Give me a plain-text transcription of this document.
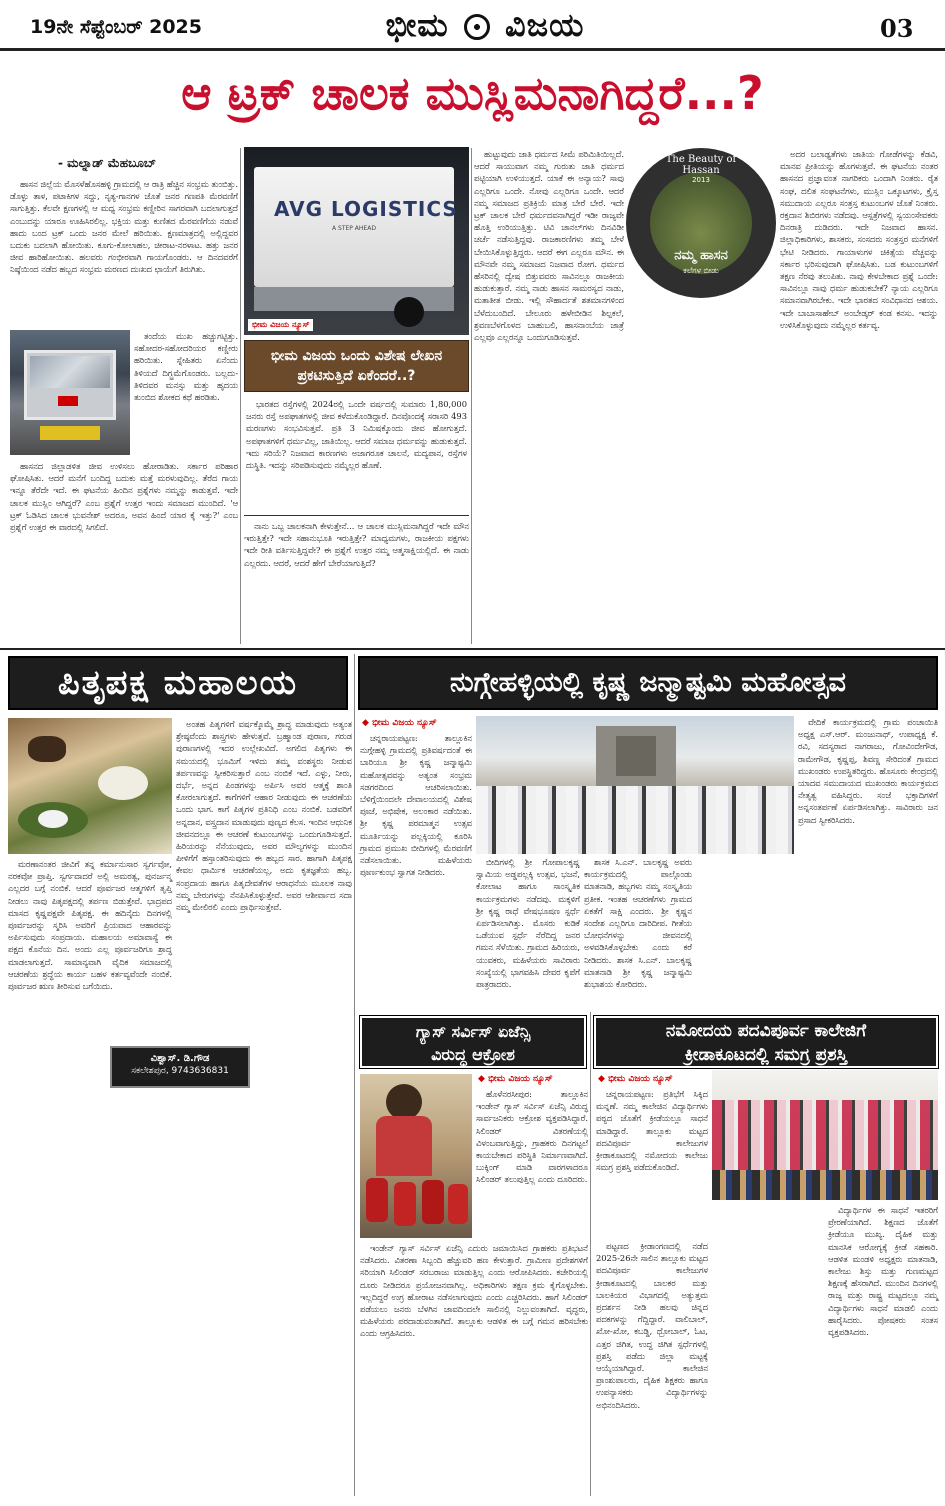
19ನೇ ಸೆಪ್ಟೆಂಬರ್ 2025	ಭೀಮ ವಿಜಯ	03
ಆ ಟ್ರಕ್ ಚಾಲಕ ಮುಸ್ಲಿಮನಾಗಿದ್ದರೆ...?
- ಮಲ್ನಾಡ್ ಮೆಹಬೂಬ್

ಹಾಸನ ಜಿಲ್ಲೆಯ ಮೊಸಳೆಹೊಸಹಳ್ಳಿ ಗ್ರಾಮದಲ್ಲಿ ಆ ರಾತ್ರಿ ಹೆಚ್ಚಿನ ಸಂಭ್ರಮ ತುಂಬಿತ್ತು. ಡೊಳ್ಳು ತಾಳ, ಪಟಾಕಿಗಳ ಸದ್ದು, ನೃತ್ಯ-ಗಾನಗಳ ಜೊತೆ ಜನರ ಗಣಪತಿ ಮೆರವಣಿಗೆ ಸಾಗುತ್ತಿತ್ತು. ಕೆಲವೇ ಕ್ಷಣಗಳಲ್ಲಿ ಆ ಮಧ್ಯ ಸಂಭ್ರಮ ಕಣ್ಣೀರಿನ ಸಾಗರವಾಗಿ ಬದಲಾಗುತ್ತದೆ ಎಂಬುದನ್ನು ಯಾರೂ ಊಹಿಸಿರಲಿಲ್ಲ. ಭಕ್ತಿಯ ಮತ್ತು ಕುಣಿತದ ಮೆರವಣಿಗೆಯ ನಡುವೆ ಹಾದು ಬಂದ ಟ್ರಕ್ ಒಂದು ಜನರ ಮೇಲೆ ಹರಿಯಿತು. ಕ್ಷಣಮಾತ್ರದಲ್ಲಿ ಅಲ್ಲಿದ್ದವರ ಬದುಕು ಬದಲಾಗಿ ಹೋಯಿತು. ಕೂಗು-ಕೋಲಾಹಲ, ಚೀರಾಟ-ನರಳಾಟ. ಹತ್ತು ಜನರ ಜೀವ ಹಾರಿಹೋಯಿತು. ಹಲವರು ಗಂಭೀರವಾಗಿ ಗಾಯಗೊಂಡರು. ಆ ದಿನದವರೆಗೆ ನಿಷ್ಠೆಯಿಂದ ನಡೆದ ಹಬ್ಬದ ಸಂಭ್ರಮ ಮರಣದ ದುಃಖದ ಛಾಯೆಗೆ ತಿರುಗಿತು.

ತಂದೆಯ ಮುಖ ಹಚ್ಚುಗಟ್ಟಿತ್ತು. ಸಹೋದರ-ಸಹೋದರಿಯರ ಕಣ್ಣೀರು ಹರಿಯಿತು. ಸ್ನೇಹಿತರು ಏನೆಂದು ತಿಳಿಯದೆ ದಿಗ್ಭ್ರಮೆಗೊಂಡರು. ಬಲ್ಲದು-ತಿಳಿದವರ ಮನಸ್ಸು ಮತ್ತು ಹೃದಯ ತುಂಬಿದ ಶೋಕದ ಕಥೆ ಹರಡಿತು.

ಹಾಸನದ ಜಿಲ್ಲಾಡಳಿತ ಜೀವ ಉಳಿಸಲು ಹೋರಾಡಿತು. ಸರ್ಕಾರ ಪರಿಹಾರ ಘೋಷಿಸಿತು. ಆದರೆ ಮನೆಗೆ ಬಂದಿದ್ದ ಬದುಕು ಮತ್ತೆ ಮರಳುವುದಿಲ್ಲ. ತೆರೆದ ಗಾಯ ಇನ್ನೂ ತೆರೆದೇ ಇದೆ. ಈ ಘಟನೆಯ ಹಿಂದಿನ ಪ್ರಶ್ನೆಗಳು ನಮ್ಮನ್ನು ಕಾಡುತ್ತವೆ. ಇದೇ ಚಾಲಕ ಮುಸ್ಲಿಂ ಆಗಿದ್ದರೆ? ಎಂಬ ಪ್ರಶ್ನೆಗೆ ಉತ್ತರ ಇಂದು ಸಮಾಜದ ಮುಂದಿದೆ. 'ಆ ಟ್ರಕ್ ಓಡಿಸಿದ ಚಾಲಕ ಭುವನೇಶ್ ಅದರೂ, ಅವನ ಹಿಂದೆ ಯಾರ ಕೈ ಇತ್ತು?' ಎಂಬ ಪ್ರಶ್ನೆಗೆ ಉತ್ತರ ಈ ವಾರದಲ್ಲಿ ಸಿಗಲಿದೆ.

AVG LOGISTICS
A STEP AHEAD
ಭೀಮ ವಿಜಯ ನ್ಯೂಸ್
ಭೀಮ ವಿಜಯ ಒಂದು ವಿಶೇಷ ಲೇಖನ ಪ್ರಕಟಿಸುತ್ತಿದೆ ಏಕೆಂದರೆ..?

ಭಾರತದ ರಸ್ತೆಗಳಲ್ಲಿ 2024ರಲ್ಲಿ ಒಂದೇ ವರ್ಷದಲ್ಲಿ ಸುಮಾರು 1,80,000 ಜನರು ರಸ್ತೆ ಅಪಘಾತಗಳಲ್ಲಿ ಜೀವ ಕಳೆದುಕೊಂಡಿದ್ದಾರೆ. ದಿನವೊಂದಕ್ಕೆ ಸರಾಸರಿ 493 ಮರಣಗಳು ಸಂಭವಿಸುತ್ತವೆ. ಪ್ರತಿ 3 ನಿಮಿಷಕ್ಕೊಂದು ಜೀವ ಹೋಗುತ್ತದೆ. ಅಪಘಾತಗಳಿಗೆ ಧರ್ಮವಿಲ್ಲ, ಜಾತಿಯಿಲ್ಲ. ಆದರೆ ಸಮಾಜ ಧರ್ಮವನ್ನು ಹುಡುಕುತ್ತದೆ. ಇದು ಸರಿಯೆ? ನಿಜವಾದ ಕಾರಣಗಳು ಅಜಾಗರೂಕ ಚಾಲನೆ, ಮದ್ಯಪಾನ, ರಸ್ತೆಗಳ ದುಸ್ಥಿತಿ. ಇದನ್ನು ಸರಿಪಡಿಸುವುದು ನಮ್ಮೆಲ್ಲರ ಹೊಣೆ.

ನಾನು ಒಬ್ಬ ಚಾಲಕನಾಗಿ ಕೇಳುತ್ತೇನೆ... ಆ ಚಾಲಕ ಮುಸ್ಲಿಮನಾಗಿದ್ದರೆ ಇದೇ ಮೌನ ಇರುತ್ತಿತ್ತೇ? ಇದೇ ಸಹಾನುಭೂತಿ ಇರುತ್ತಿತ್ತೇ? ಮಾಧ್ಯಮಗಳು, ರಾಜಕೀಯ ಪಕ್ಷಗಳು ಇದೇ ರೀತಿ ವರ್ತಿಸುತ್ತಿದ್ದವೇ? ಈ ಪ್ರಶ್ನೆಗೆ ಉತ್ತರ ನಮ್ಮ ಆತ್ಮಸಾಕ್ಷಿಯಲ್ಲಿದೆ. ಈ ನಾಡು ಎಲ್ಲರದು. ಆದರೆ, ಆದರೆ ಹೇಗೆ ಬೇರೆಯಾಗುತ್ತಿದೆ?

ಹುಟ್ಟುವುದು ಜಾತಿ ಧರ್ಮದ ಸೀಮೆ ಪರಿಮಿತಿಯಿಲ್ಲದೆ. ಆದರೆ ಸಾಯುವಾಗ ನಮ್ಮ ಗುರುತು ಜಾತಿ ಧರ್ಮದ ಪಟ್ಟಿಯಾಗಿ ಉಳಿಯುತ್ತದೆ. ಯಾಕೆ ಈ ಅನ್ಯಾಯ? ಸಾವು ಎಲ್ಲರಿಗೂ ಒಂದೇ. ನೋವು ಎಲ್ಲರಿಗೂ ಒಂದೇ. ಆದರೆ ನಮ್ಮ ಸಮಾಜದ ಪ್ರತಿಕ್ರಿಯೆ ಮಾತ್ರ ಬೇರೆ ಬೇರೆ. ಇದೇ ಟ್ರಕ್ ಚಾಲಕ ಬೇರೆ ಧರ್ಮದವನಾಗಿದ್ದರೆ ಇಡೀ ರಾಜ್ಯವೇ ಹೊತ್ತಿ ಉರಿಯುತ್ತಿತ್ತು. ಟಿವಿ ಚಾನಲ್‌ಗಳು ದಿನವಿಡೀ ಚರ್ಚೆ ನಡೆಸುತ್ತಿದ್ದವು. ರಾಜಕಾರಣಿಗಳು ತಮ್ಮ ಬೇಳೆ ಬೇಯಿಸಿಕೊಳ್ಳುತ್ತಿದ್ದರು. ಆದರೆ ಈಗ ಎಲ್ಲರೂ ಮೌನ. ಈ ಮೌನವೇ ನಮ್ಮ ಸಮಾಜದ ನಿಜವಾದ ರೋಗ. ಧರ್ಮದ ಹೆಸರಿನಲ್ಲಿ ದ್ವೇಷ ಬಿತ್ತುವವರು ಸಾವಿನಲ್ಲೂ ರಾಜಕೀಯ ಹುಡುಕುತ್ತಾರೆ. ನಮ್ಮ ನಾಡು ಹಾಸನ ಸಾಮರಸ್ಯದ ನಾಡು, ಮತಾತೀತ ಬೀಡು. ಇಲ್ಲಿ ಸೌಹಾರ್ದತೆ ಶತಮಾನಗಳಿಂದ ಬೆಳೆದುಬಂದಿದೆ. ಬೇಲೂರು ಹಳೇಬೀಡಿನ ಶಿಲ್ಪಕಲೆ, ಶ್ರವಣಬೆಳಗೊಳದ ಬಾಹುಬಲಿ, ಹಾಸನಾಂಬೆಯ ಜಾತ್ರೆ ಎಲ್ಲವೂ ಎಲ್ಲರನ್ನೂ ಒಂದುಗೂಡಿಸುತ್ತವೆ.

The Beauty of Hassan
2013
ನಮ್ಮ ಹಾಸನ
ಕಲೆಗಳ ಬೀಡು

ಅದರ ಬಲಾಢ್ಯತೆಗಳು ಜಾತಿಯ ಗೋಡೆಗಳನ್ನು ಕೆಡವಿ, ಮಾನವ ಪ್ರೀತಿಯನ್ನು ಹೊಗಳುತ್ತವೆ. ಈ ಘಟನೆಯ ನಂತರ ಹಾಸನದ ಪ್ರಜ್ಞಾವಂತ ನಾಗರಿಕರು ಒಂದಾಗಿ ನಿಂತರು. ರೈತ ಸಂಘ, ದಲಿತ ಸಂಘಟನೆಗಳು, ಮುಸ್ಲಿಂ ಒಕ್ಕೂಟಗಳು, ಕ್ರೈಸ್ತ ಸಮುದಾಯ ಎಲ್ಲರೂ ಸಂತ್ರಸ್ತ ಕುಟುಂಬಗಳ ಜೊತೆ ನಿಂತರು. ರಕ್ತದಾನ ಶಿಬಿರಗಳು ನಡೆದವು. ಆಸ್ಪತ್ರೆಗಳಲ್ಲಿ ಸ್ವಯಂಸೇವಕರು ದಿನರಾತ್ರಿ ದುಡಿದರು. ಇದೇ ನಿಜವಾದ ಹಾಸನ. ಜಿಲ್ಲಾಧಿಕಾರಿಗಳು, ಶಾಸಕರು, ಸಂಸದರು ಸಂತ್ರಸ್ತರ ಮನೆಗಳಿಗೆ ಭೇಟಿ ನೀಡಿದರು. ಗಾಯಾಳುಗಳ ಚಿಕಿತ್ಸೆಯ ವೆಚ್ಚವನ್ನು ಸರ್ಕಾರ ಭರಿಸುವುದಾಗಿ ಘೋಷಿಸಿತು. ಬಡ ಕುಟುಂಬಗಳಿಗೆ ತಕ್ಷಣ ನೆರವು ತಲುಪಿತು. ನಾವು ಕೇಳಬೇಕಾದ ಪ್ರಶ್ನೆ ಒಂದೇ: ಸಾವಿನಲ್ಲೂ ನಾವು ಧರ್ಮ ಹುಡುಕಬೇಕೆ? ನ್ಯಾಯ ಎಲ್ಲರಿಗೂ ಸಮಾನವಾಗಿರಬೇಕು. ಇದೇ ಭಾರತದ ಸಂವಿಧಾನದ ಆಶಯ. ಇದೇ ಬಾಬಾಸಾಹೇಬ್ ಅಂಬೇಡ್ಕರ್ ಕಂಡ ಕನಸು. ಇದನ್ನು ಉಳಿಸಿಕೊಳ್ಳುವುದು ನಮ್ಮೆಲ್ಲರ ಕರ್ತವ್ಯ.

ಪಿತೃಪಕ್ಷ ಮಹಾಲಯ

ಮರಣಾನಂತರ ಜೀವಿಗೆ ತನ್ನ ಕರ್ಮಾನುಸಾರ ಸ್ವರ್ಗವೋ, ನರಕವೋ ಪ್ರಾಪ್ತಿ. ಸ್ವರ್ಗವಾದರೆ ಅಲ್ಲಿ ಅಮರತ್ವ, ಪುನರ್ಜನ್ಮ ಎಲ್ಲದರ ಬಗ್ಗೆ ನಂಬಿಕೆ. ಆದರೆ ಪೂರ್ವಜರ ಆತ್ಮಗಳಿಗೆ ತೃಪ್ತಿ ನೀಡಲು ನಾವು ಪಿತೃಪಕ್ಷದಲ್ಲಿ ತರ್ಪಣ ಬಿಡುತ್ತೇವೆ. ಭಾದ್ರಪದ ಮಾಸದ ಕೃಷ್ಣಪಕ್ಷವೇ ಪಿತೃಪಕ್ಷ. ಈ ಹದಿನೈದು ದಿನಗಳಲ್ಲಿ ಪೂರ್ವಜರನ್ನು ಸ್ಮರಿಸಿ ಅವರಿಗೆ ಪ್ರಿಯವಾದ ಆಹಾರವನ್ನು ಅರ್ಪಿಸುವುದು ಸಂಪ್ರದಾಯ. ಮಹಾಲಯ ಅಮಾವಾಸ್ಯೆ ಈ ಪಕ್ಷದ ಕೊನೆಯ ದಿನ. ಅಂದು ಎಲ್ಲ ಪೂರ್ವಜರಿಗೂ ಶ್ರಾದ್ಧ ಮಾಡಲಾಗುತ್ತದೆ. ಸಾಮಾನ್ಯವಾಗಿ ವೈದಿಕ ಸಮಾಜದಲ್ಲಿ ಆಚರಣೆಯ ಶ್ರದ್ಧೆಯ ಕಾರ್ಯ ಬಹಳ ಕರ್ತವ್ಯವೆಂದೇ ನಂಬಿಕೆ. ಪೂರ್ವಜರ ಋಣ ತೀರಿಸುವ ಬಗೆಯಿದು.

ವಿಶ್ವಾಸ್. ಡಿ.ಗೌಡ
ಸಕಲೇಶಪುರ, 9743636831

ಅಂತಹ ಪಿತೃಗಳಿಗೆ ವರ್ಷಕ್ಕೊಮ್ಮೆ ಶ್ರಾದ್ಧ ಮಾಡುವುದು ಅತ್ಯಂತ ಶ್ರೇಷ್ಠವೆಂದು ಶಾಸ್ತ್ರಗಳು ಹೇಳುತ್ತವೆ. ಬ್ರಹ್ಮಾಂಡ ಪುರಾಣ, ಗರುಡ ಪುರಾಣಗಳಲ್ಲಿ ಇದರ ಉಲ್ಲೇಖವಿದೆ. ಅಗಲಿದ ಪಿತೃಗಳು ಈ ಸಮಯದಲ್ಲಿ ಭೂಮಿಗೆ ಇಳಿದು ತಮ್ಮ ವಂಶಸ್ಥರು ನೀಡುವ ತರ್ಪಣವನ್ನು ಸ್ವೀಕರಿಸುತ್ತಾರೆ ಎಂಬ ನಂಬಿಕೆ ಇದೆ. ಎಳ್ಳು, ನೀರು, ದರ್ಭೆ, ಅನ್ನದ ಪಿಂಡಗಳನ್ನು ಅರ್ಪಿಸಿ ಅವರ ಆತ್ಮಕ್ಕೆ ಶಾಂತಿ ಕೋರಲಾಗುತ್ತದೆ. ಕಾಗೆಗಳಿಗೆ ಆಹಾರ ನೀಡುವುದು ಈ ಆಚರಣೆಯ ಒಂದು ಭಾಗ. ಕಾಗೆ ಪಿತೃಗಳ ಪ್ರತಿನಿಧಿ ಎಂಬ ನಂಬಿಕೆ. ಬಡವರಿಗೆ ಅನ್ನದಾನ, ವಸ್ತ್ರದಾನ ಮಾಡುವುದು ಪುಣ್ಯದ ಕೆಲಸ. ಇಂದಿನ ಆಧುನಿಕ ಜೀವನದಲ್ಲೂ ಈ ಆಚರಣೆ ಕುಟುಂಬಗಳನ್ನು ಒಂದುಗೂಡಿಸುತ್ತದೆ. ಹಿರಿಯರನ್ನು ನೆನೆಯುವುದು, ಅವರ ಮೌಲ್ಯಗಳನ್ನು ಮುಂದಿನ ಪೀಳಿಗೆಗೆ ಹಸ್ತಾಂತರಿಸುವುದು ಈ ಹಬ್ಬದ ಸಾರ. ಹಾಗಾಗಿ ಪಿತೃಪಕ್ಷ ಕೇವಲ ಧಾರ್ಮಿಕ ಆಚರಣೆಯಲ್ಲ, ಅದು ಕೃತಜ್ಞತೆಯ ಹಬ್ಬ. ಸಂಪ್ರದಾಯ ಹಾಗೂ ಪಿತೃದೇವತೆಗಳ ಆರಾಧನೆಯ ಮೂಲಕ ನಾವು ನಮ್ಮ ಬೇರುಗಳನ್ನು ನೆನಪಿಸಿಕೊಳ್ಳುತ್ತೇವೆ. ಅವರ ಆಶೀರ್ವಾದ ಸದಾ ನಮ್ಮ ಮೇಲಿರಲಿ ಎಂದು ಪ್ರಾರ್ಥಿಸುತ್ತೇವೆ.

ನುಗ್ಗೇಹಳ್ಳಿಯಲ್ಲಿ ಕೃಷ್ಣ ಜನ್ಮಾಷ್ಟಮಿ ಮಹೋತ್ಸವ
◆ ಭೀಮ ವಿಜಯ ನ್ಯೂಸ್

ಚನ್ನರಾಯಪಟ್ಟಣ: ತಾಲ್ಲೂಕಿನ ನುಗ್ಗೇಹಳ್ಳಿ ಗ್ರಾಮದಲ್ಲಿ ಪ್ರತಿವರ್ಷದಂತೆ ಈ ಬಾರಿಯೂ ಶ್ರೀ ಕೃಷ್ಣ ಜನ್ಮಾಷ್ಟಮಿ ಮಹೋತ್ಸವವನ್ನು ಅತ್ಯಂತ ಸಂಭ್ರಮ ಸಡಗರದಿಂದ ಆಚರಿಸಲಾಯಿತು. ಬೆಳಿಗ್ಗೆಯಿಂದಲೇ ದೇವಾಲಯದಲ್ಲಿ ವಿಶೇಷ ಪೂಜೆ, ಅಭಿಷೇಕ, ಅಲಂಕಾರ ನಡೆಯಿತು. ಶ್ರೀ ಕೃಷ್ಣ ಪರಮಾತ್ಮನ ಉತ್ಸವ ಮೂರ್ತಿಯನ್ನು ಪಲ್ಲಕ್ಕಿಯಲ್ಲಿ ಕೂರಿಸಿ ಗ್ರಾಮದ ಪ್ರಮುಖ ಬೀದಿಗಳಲ್ಲಿ ಮೆರವಣಿಗೆ ನಡೆಸಲಾಯಿತು. ಮಹಿಳೆಯರು ಪೂರ್ಣಕುಂಭ ಸ್ವಾಗತ ನೀಡಿದರು.

ಬೀದಿಗಳಲ್ಲಿ ಶ್ರೀ ಗೋಪಾಲಕೃಷ್ಣ ಸ್ವಾಮಿಯ ಅಡ್ಡಪಲ್ಲಕ್ಕಿ ಉತ್ಸವ, ಭಜನೆ, ಕೋಲಾಟ ಹಾಗೂ ಸಾಂಸ್ಕೃತಿಕ ಕಾರ್ಯಕ್ರಮಗಳು ನಡೆದವು. ಮಕ್ಕಳಿಗೆ ಶ್ರೀ ಕೃಷ್ಣ ರಾಧೆ ವೇಷಭೂಷಣ ಸ್ಪರ್ಧೆ ಏರ್ಪಡಿಸಲಾಗಿತ್ತು. ಮೊಸರು ಕುಡಿಕೆ ಒಡೆಯುವ ಸ್ಪರ್ಧೆ ನೆರೆದಿದ್ದ ಜನರ ಗಮನ ಸೆಳೆಯಿತು. ಗ್ರಾಮದ ಹಿರಿಯರು, ಯುವಕರು, ಮಹಿಳೆಯರು ಸಾವಿರಾರು ಸಂಖ್ಯೆಯಲ್ಲಿ ಭಾಗವಹಿಸಿ ದೇವರ ಕೃಪೆಗೆ ಪಾತ್ರರಾದರು.

ಶಾಸಕ ಸಿ.ಎನ್. ಬಾಲಕೃಷ್ಣ ಅವರು ಕಾರ್ಯಕ್ರಮದಲ್ಲಿ ಪಾಲ್ಗೊಂಡು ಮಾತನಾಡಿ, ಹಬ್ಬಗಳು ನಮ್ಮ ಸಂಸ್ಕೃತಿಯ ಪ್ರತೀಕ. ಇಂತಹ ಆಚರಣೆಗಳು ಗ್ರಾಮದ ಏಕತೆಗೆ ಸಾಕ್ಷಿ ಎಂದರು. ಶ್ರೀ ಕೃಷ್ಣನ ಸಂದೇಶ ಎಲ್ಲರಿಗೂ ದಾರಿದೀಪ. ಗೀತೆಯ ಬೋಧನೆಗಳನ್ನು ಜೀವನದಲ್ಲಿ ಅಳವಡಿಸಿಕೊಳ್ಳಬೇಕು ಎಂದು ಕರೆ ನೀಡಿದರು. ಶಾಸಕ ಸಿ.ಎನ್. ಬಾಲಕೃಷ್ಣ ಮಾತನಾಡಿ ಶ್ರೀ ಕೃಷ್ಣ ಜನ್ಮಾಷ್ಟಮಿ ಶುಭಾಶಯ ಕೋರಿದರು.

ವೇದಿಕೆ ಕಾರ್ಯಕ್ರಮದಲ್ಲಿ ಗ್ರಾಮ ಪಂಚಾಯಿತಿ ಅಧ್ಯಕ್ಷ ಎಸ್.ಆರ್. ಮಂಜುನಾಥ್, ಉಪಾಧ್ಯಕ್ಷ ಕೆ. ರವಿ, ಸದಸ್ಯರಾದ ನಾಗರಾಜು, ಗೋವಿಂದೇಗೌಡ, ರಾಮೇಗೌಡ, ಕೃಷ್ಣಪ್ಪ, ಶಿವಣ್ಣ ಸೇರಿದಂತೆ ಗ್ರಾಮದ ಮುಖಂಡರು ಉಪಸ್ಥಿತರಿದ್ದರು. ಹೊಸೂರು ಕೇಂದ್ರದಲ್ಲಿ ಯಾದವ ಸಮುದಾಯದ ಮುಖಂಡರು ಕಾರ್ಯಕ್ರಮದ ನೇತೃತ್ವ ವಹಿಸಿದ್ದರು. ಸಂಜೆ ಭಕ್ತಾದಿಗಳಿಗೆ ಅನ್ನಸಂತರ್ಪಣೆ ಏರ್ಪಡಿಸಲಾಗಿತ್ತು. ಸಾವಿರಾರು ಜನ ಪ್ರಸಾದ ಸ್ವೀಕರಿಸಿದರು.

ಗ್ಯಾಸ್ ಸರ್ವಿಸ್ ಏಜೆನ್ಸಿ
ವಿರುದ್ಧ ಆಕ್ರೋಶ
◆ ಭೀಮ ವಿಜಯ ನ್ಯೂಸ್

ಹೊಳೆನರಸೀಪುರ: ತಾಲ್ಲೂಕಿನ ಇಂಡೇನ್ ಗ್ಯಾಸ್ ಸರ್ವಿಸ್ ಏಜೆನ್ಸಿ ವಿರುದ್ಧ ಸಾರ್ವಜನಿಕರು ಆಕ್ರೋಶ ವ್ಯಕ್ತಪಡಿಸಿದ್ದಾರೆ. ಸಿಲಿಂಡರ್ ವಿತರಣೆಯಲ್ಲಿ ವಿಳಂಬವಾಗುತ್ತಿದ್ದು, ಗ್ರಾಹಕರು ದಿನಗಟ್ಟಲೆ ಕಾಯಬೇಕಾದ ಪರಿಸ್ಥಿತಿ ನಿರ್ಮಾಣವಾಗಿದೆ. ಬುಕ್ಕಿಂಗ್ ಮಾಡಿ ವಾರಗಳಾದರೂ ಸಿಲಿಂಡರ್ ತಲುಪುತ್ತಿಲ್ಲ ಎಂದು ದೂರಿದರು.

ಇಂಡೇನ್ ಗ್ಯಾಸ್ ಸರ್ವಿಸ್ ಏಜೆನ್ಸಿ ಎದುರು ಜಮಾಯಿಸಿದ ಗ್ರಾಹಕರು ಪ್ರತಿಭಟನೆ ನಡೆಸಿದರು. ವಿತರಣಾ ಸಿಬ್ಬಂದಿ ಹೆಚ್ಚುವರಿ ಹಣ ಕೇಳುತ್ತಾರೆ. ಗ್ರಾಮೀಣ ಪ್ರದೇಶಗಳಿಗೆ ಸರಿಯಾಗಿ ಸಿಲಿಂಡರ್ ಸರಬರಾಜು ಮಾಡುತ್ತಿಲ್ಲ ಎಂದು ಆರೋಪಿಸಿದರು. ಕಚೇರಿಯಲ್ಲಿ ದೂರು ನೀಡಿದರೂ ಪ್ರಯೋಜನವಾಗಿಲ್ಲ. ಅಧಿಕಾರಿಗಳು ತಕ್ಷಣ ಕ್ರಮ ಕೈಗೊಳ್ಳಬೇಕು. ಇಲ್ಲದಿದ್ದರೆ ಉಗ್ರ ಹೋರಾಟ ನಡೆಸಲಾಗುವುದು ಎಂದು ಎಚ್ಚರಿಸಿದರು. ಹಾಗೆ ಸಿಲಿಂಡರ್ ಪಡೆಯಲು ಜನರು ಬೆಳಗಿನ ಜಾವದಿಂದಲೇ ಸಾಲಿನಲ್ಲಿ ನಿಲ್ಲುವಂತಾಗಿದೆ. ವೃದ್ಧರು, ಮಹಿಳೆಯರು ಪರದಾಡುವಂತಾಗಿದೆ. ತಾಲ್ಲೂಕು ಆಡಳಿತ ಈ ಬಗ್ಗೆ ಗಮನ ಹರಿಸಬೇಕು ಎಂದು ಆಗ್ರಹಿಸಿದರು.

ನಮೋದಯ ಪದವಿಪೂರ್ವ ಕಾಲೇಜಿಗೆ
ಕ್ರೀಡಾಕೂಟದಲ್ಲಿ ಸಮಗ್ರ ಪ್ರಶಸ್ತಿ
◆ ಭೀಮ ವಿಜಯ ನ್ಯೂಸ್

ಚನ್ನರಾಯಪಟ್ಟಣ: ಪ್ರತಿಭೆಗೆ ಸಿಕ್ಕಿದ ಮನ್ನಣೆ. ನಮ್ಮ ಕಾಲೇಜಿನ ವಿದ್ಯಾರ್ಥಿಗಳು ಪಠ್ಯದ ಜೊತೆಗೆ ಕ್ರೀಡೆಯಲ್ಲೂ ಸಾಧನೆ ಮಾಡಿದ್ದಾರೆ. ತಾಲ್ಲೂಕು ಮಟ್ಟದ ಪದವಿಪೂರ್ವ ಕಾಲೇಜುಗಳ ಕ್ರೀಡಾಕೂಟದಲ್ಲಿ ನಮೋದಯ ಕಾಲೇಜು ಸಮಗ್ರ ಪ್ರಶಸ್ತಿ ಪಡೆದುಕೊಂಡಿದೆ.

ಪಟ್ಟಣದ ಕ್ರೀಡಾಂಗಣದಲ್ಲಿ ನಡೆದ 2025-26ನೇ ಸಾಲಿನ ತಾಲ್ಲೂಕು ಮಟ್ಟದ ಪದವಿಪೂರ್ವ ಕಾಲೇಜುಗಳ ಕ್ರೀಡಾಕೂಟದಲ್ಲಿ ಬಾಲಕರ ಮತ್ತು ಬಾಲಕಿಯರ ವಿಭಾಗದಲ್ಲಿ ಅತ್ಯುತ್ತಮ ಪ್ರದರ್ಶನ ನೀಡಿ ಹಲವು ಚಿನ್ನದ ಪದಕಗಳನ್ನು ಗೆದ್ದಿದ್ದಾರೆ. ವಾಲಿಬಾಲ್, ಖೋ-ಖೋ, ಕಬಡ್ಡಿ, ಥ್ರೋಬಾಲ್, ಓಟ, ಎತ್ತರ ಜಿಗಿತ, ಉದ್ದ ಜಿಗಿತ ಸ್ಪರ್ಧೆಗಳಲ್ಲಿ ಪ್ರಶಸ್ತಿ ಪಡೆದು ಜಿಲ್ಲಾ ಮಟ್ಟಕ್ಕೆ ಆಯ್ಕೆಯಾಗಿದ್ದಾರೆ. ಕಾಲೇಜಿನ ಪ್ರಾಂಶುಪಾಲರು, ದೈಹಿಕ ಶಿಕ್ಷಕರು ಹಾಗೂ ಉಪನ್ಯಾಸಕರು ವಿದ್ಯಾರ್ಥಿಗಳನ್ನು ಅಭಿನಂದಿಸಿದರು.

ವಿದ್ಯಾರ್ಥಿಗಳ ಈ ಸಾಧನೆ ಇತರರಿಗೆ ಪ್ರೇರಣೆಯಾಗಿದೆ. ಶಿಕ್ಷಣದ ಜೊತೆಗೆ ಕ್ರೀಡೆಯೂ ಮುಖ್ಯ. ದೈಹಿಕ ಮತ್ತು ಮಾನಸಿಕ ಆರೋಗ್ಯಕ್ಕೆ ಕ್ರೀಡೆ ಸಹಕಾರಿ. ಆಡಳಿತ ಮಂಡಳಿ ಅಧ್ಯಕ್ಷರು ಮಾತನಾಡಿ, ಕಾಲೇಜು ಶಿಸ್ತು ಮತ್ತು ಗುಣಮಟ್ಟದ ಶಿಕ್ಷಣಕ್ಕೆ ಹೆಸರಾಗಿದೆ. ಮುಂದಿನ ದಿನಗಳಲ್ಲಿ ರಾಜ್ಯ ಮತ್ತು ರಾಷ್ಟ್ರ ಮಟ್ಟದಲ್ಲೂ ನಮ್ಮ ವಿದ್ಯಾರ್ಥಿಗಳು ಸಾಧನೆ ಮಾಡಲಿ ಎಂದು ಹಾರೈಸಿದರು. ಪೋಷಕರು ಸಂತಸ ವ್ಯಕ್ತಪಡಿಸಿದರು.
